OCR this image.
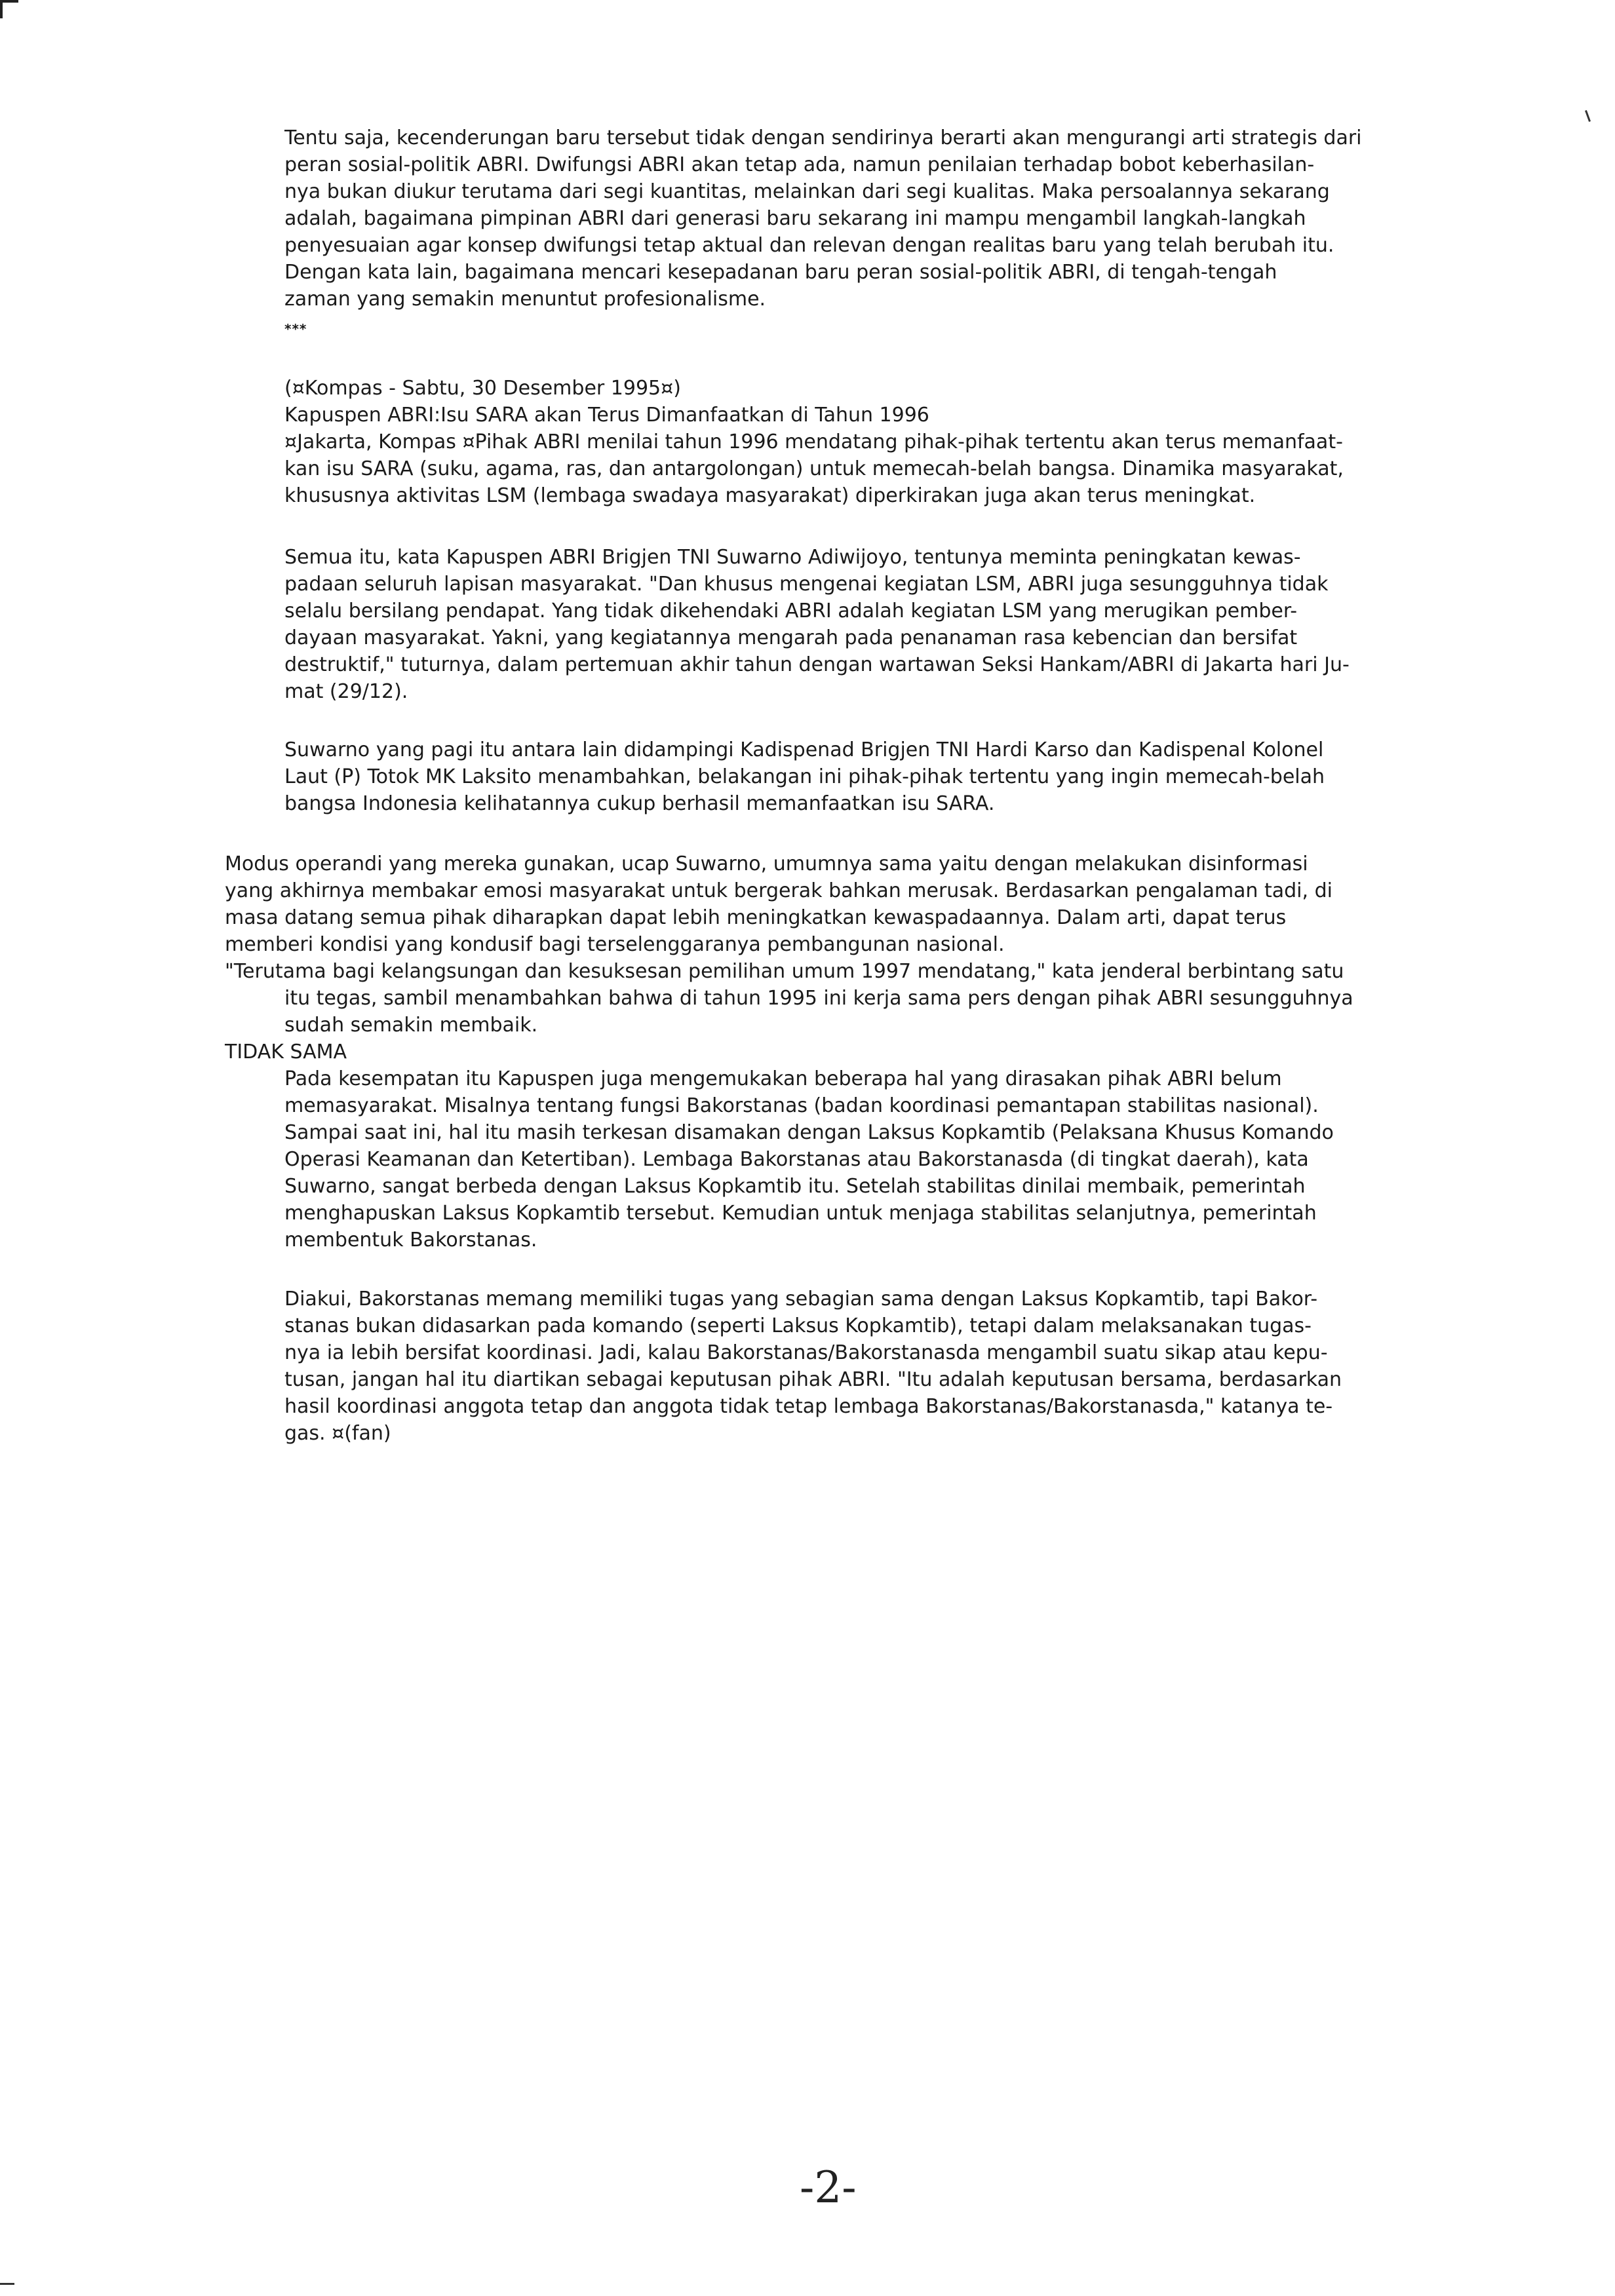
Tentu saja, kecenderungan baru tersebut tidak dengan sendirinya berarti akan mengurangi arti strategis dari
peran sosial-politik ABRI. Dwifungsi ABRI akan tetap ada, namun penilaian terhadap bobot keberhasilan-
nya bukan diukur terutama dari segi kuantitas, melainkan dari segi kualitas. Maka persoalannya sekarang
adalah, bagaimana pimpinan ABRI dari generasi baru sekarang ini mampu mengambil langkah-langkah
penyesuaian agar konsep dwifungsi tetap aktual dan relevan dengan realitas baru yang telah berubah itu.
Dengan kata lain, bagaimana mencari kesepadanan baru peran sosial-politik ABRI, di tengah-tengah
zaman yang semakin menuntut profesionalisme.
***
(¤Kompas - Sabtu, 30 Desember 1995¤)
Kapuspen ABRI:Isu SARA akan Terus Dimanfaatkan di Tahun 1996
¤Jakarta, Kompas ¤Pihak ABRI menilai tahun 1996 mendatang pihak-pihak tertentu akan terus memanfaat-
kan isu SARA (suku, agama, ras, dan antargolongan) untuk memecah-belah bangsa. Dinamika masyarakat,
khususnya aktivitas LSM (lembaga swadaya masyarakat) diperkirakan juga akan terus meningkat.
Semua itu, kata Kapuspen ABRI Brigjen TNI Suwarno Adiwijoyo, tentunya meminta peningkatan kewas-
padaan seluruh lapisan masyarakat. "Dan khusus mengenai kegiatan LSM, ABRI juga sesungguhnya tidak
selalu bersilang pendapat. Yang tidak dikehendaki ABRI adalah kegiatan LSM yang merugikan pember-
dayaan masyarakat. Yakni, yang kegiatannya mengarah pada penanaman rasa kebencian dan bersifat
destruktif," tuturnya, dalam pertemuan akhir tahun dengan wartawan Seksi Hankam/ABRI di Jakarta hari Ju-
mat (29/12).
Suwarno yang pagi itu antara lain didampingi Kadispenad Brigjen TNI Hardi Karso dan Kadispenal Kolonel
Laut (P) Totok MK Laksito menambahkan, belakangan ini pihak-pihak tertentu yang ingin memecah-belah
bangsa Indonesia kelihatannya cukup berhasil memanfaatkan isu SARA.
Modus operandi yang mereka gunakan, ucap Suwarno, umumnya sama yaitu dengan melakukan disinformasi
yang akhirnya membakar emosi masyarakat untuk bergerak bahkan merusak. Berdasarkan pengalaman tadi, di
masa datang semua pihak diharapkan dapat lebih meningkatkan kewaspadaannya. Dalam arti, dapat terus
memberi kondisi yang kondusif bagi terselenggaranya pembangunan nasional.
"Terutama bagi kelangsungan dan kesuksesan pemilihan umum 1997 mendatang," kata jenderal berbintang satu
itu tegas, sambil menambahkan bahwa di tahun 1995 ini kerja sama pers dengan pihak ABRI sesungguhnya
sudah semakin membaik.
TIDAK SAMA
Pada kesempatan itu Kapuspen juga mengemukakan beberapa hal yang dirasakan pihak ABRI belum
memasyarakat. Misalnya tentang fungsi Bakorstanas (badan koordinasi pemantapan stabilitas nasional).
Sampai saat ini, hal itu masih terkesan disamakan dengan Laksus Kopkamtib (Pelaksana Khusus Komando
Operasi Keamanan dan Ketertiban). Lembaga Bakorstanas atau Bakorstanasda (di tingkat daerah), kata
Suwarno, sangat berbeda dengan Laksus Kopkamtib itu. Setelah stabilitas dinilai membaik, pemerintah
menghapuskan Laksus Kopkamtib tersebut. Kemudian untuk menjaga stabilitas selanjutnya, pemerintah
membentuk Bakorstanas.
Diakui, Bakorstanas memang memiliki tugas yang sebagian sama dengan Laksus Kopkamtib, tapi Bakor-
stanas bukan didasarkan pada komando (seperti Laksus Kopkamtib), tetapi dalam melaksanakan tugas-
nya ia lebih bersifat koordinasi. Jadi, kalau Bakorstanas/Bakorstanasda mengambil suatu sikap atau kepu-
tusan, jangan hal itu diartikan sebagai keputusan pihak ABRI. "Itu adalah keputusan bersama, berdasarkan
hasil koordinasi anggota tetap dan anggota tidak tetap lembaga Bakorstanas/Bakorstanasda," katanya te-
gas. ¤(fan)
-2-
